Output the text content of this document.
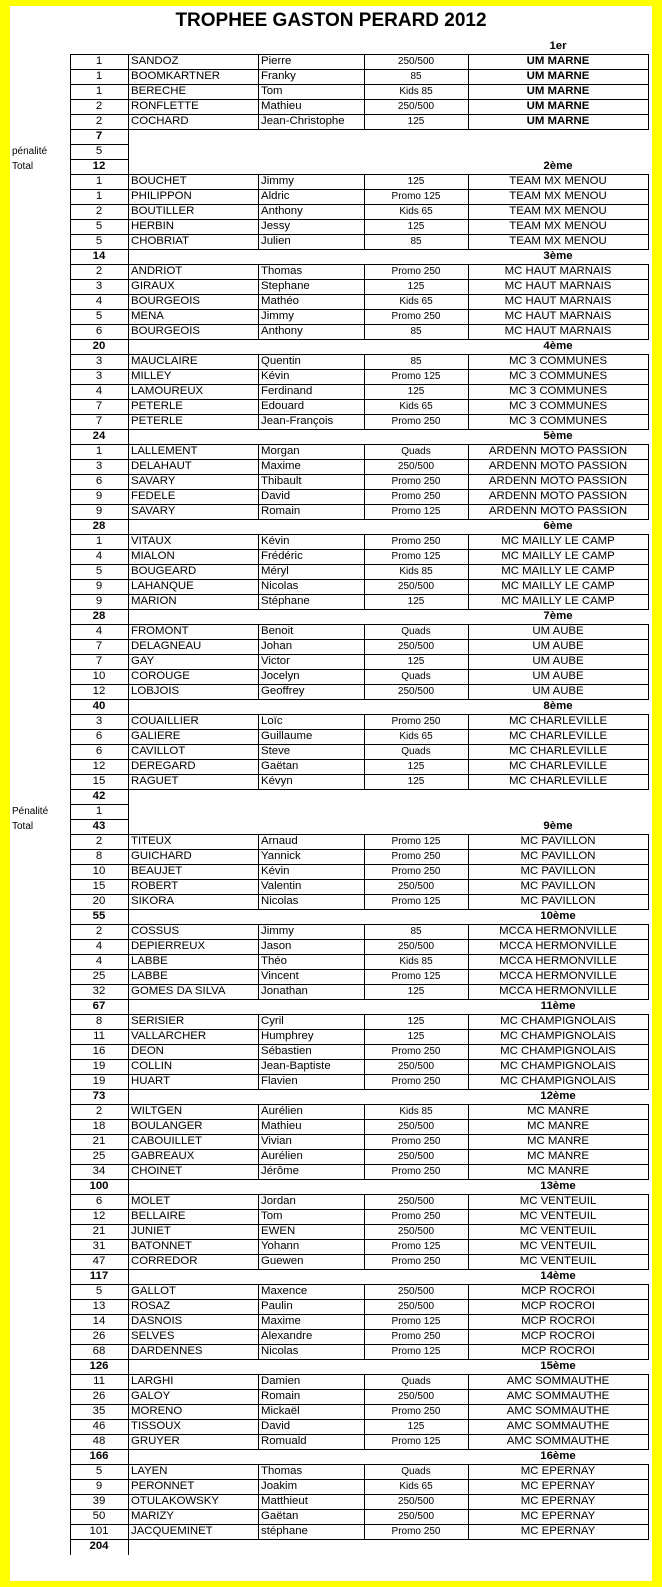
TROPHEE GASTON PERARD 2012
1er
1	SANDOZ	Pierre	250/500	UM MARNE
1	BOOMKARTNER	Franky	85	UM MARNE
1	BERECHE	Tom	Kids 85	UM MARNE
2	RONFLETTE	Mathieu	250/500	UM MARNE
2	COCHARD	Jean-Christophe	125	UM MARNE
7
pénalité	5
Total	12	2ème
1	BOUCHET	Jimmy	125	TEAM MX MENOU
1	PHILIPPON	Aldric	Promo 125	TEAM MX MENOU
2	BOUTILLER	Anthony	Kids 65	TEAM MX MENOU
5	HERBIN	Jessy	125	TEAM MX MENOU
5	CHOBRIAT	Julien	85	TEAM MX MENOU
14	3ème
2	ANDRIOT	Thomas	Promo 250	MC HAUT MARNAIS
3	GIRAUX	Stephane	125	MC HAUT MARNAIS
4	BOURGEOIS	Mathéo	Kids 65	MC HAUT MARNAIS
5	MENA	Jimmy	Promo 250	MC HAUT MARNAIS
6	BOURGEOIS	Anthony	85	MC HAUT MARNAIS
20	4ème
3	MAUCLAIRE	Quentin	85	MC 3 COMMUNES
3	MILLEY	Kévin	Promo 125	MC 3 COMMUNES
4	LAMOUREUX	Ferdinand	125	MC 3 COMMUNES
7	PETERLE	Edouard	Kids 65	MC 3 COMMUNES
7	PETERLE	Jean-François	Promo 250	MC 3 COMMUNES
24	5ème
1	LALLEMENT	Morgan	Quads	ARDENN MOTO PASSION
3	DELAHAUT	Maxime	250/500	ARDENN MOTO PASSION
6	SAVARY	Thibault	Promo 250	ARDENN MOTO PASSION
9	FEDELE	David	Promo 250	ARDENN MOTO PASSION
9	SAVARY	Romain	Promo 125	ARDENN MOTO PASSION
28	6ème
1	VITAUX	Kévin	Promo 250	MC MAILLY LE CAMP
4	MIALON	Frédéric	Promo 125	MC MAILLY LE CAMP
5	BOUGEARD	Méryl	Kids 85	MC MAILLY LE CAMP
9	LAHANQUE	Nicolas	250/500	MC MAILLY LE CAMP
9	MARION	Stéphane	125	MC MAILLY LE CAMP
28	7ème
4	FROMONT	Benoit	Quads	UM AUBE
7	DELAGNEAU	Johan	250/500	UM AUBE
7	GAY	Victor	125	UM AUBE
10	COROUGE	Jocelyn	Quads	UM AUBE
12	LOBJOIS	Geoffrey	250/500	UM AUBE
40	8ème
3	COUAILLIER	Loïc	Promo 250	MC CHARLEVILLE
6	GALIERE	Guillaume	Kids 65	MC CHARLEVILLE
6	CAVILLOT	Steve	Quads	MC CHARLEVILLE
12	DEREGARD	Gaëtan	125	MC CHARLEVILLE
15	RAGUET	Kévyn	125	MC CHARLEVILLE
42
Pénalité	1
Total	43	9ème
2	TITEUX	Arnaud	Promo 125	MC PAVILLON
8	GUICHARD	Yannick	Promo 250	MC PAVILLON
10	BEAUJET	Kévin	Promo 250	MC PAVILLON
15	ROBERT	Valentin	250/500	MC PAVILLON
20	SIKORA	Nicolas	Promo 125	MC PAVILLON
55	10ème
2	COSSUS	Jimmy	85	MCCA HERMONVILLE
4	DEPIERREUX	Jason	250/500	MCCA HERMONVILLE
4	LABBE	Théo	Kids 85	MCCA HERMONVILLE
25	LABBE	Vincent	Promo 125	MCCA HERMONVILLE
32	GOMES DA SILVA	Jonathan	125	MCCA HERMONVILLE
67	11ème
8	SERISIER	Cyril	125	MC CHAMPIGNOLAIS
11	VALLARCHER	Humphrey	125	MC CHAMPIGNOLAIS
16	DEON	Sébastien	Promo 250	MC CHAMPIGNOLAIS
19	COLLIN	Jean-Baptiste	250/500	MC CHAMPIGNOLAIS
19	HUART	Flavien	Promo 250	MC CHAMPIGNOLAIS
73	12ème
2	WILTGEN	Aurélien	Kids 85	MC MANRE
18	BOULANGER	Mathieu	250/500	MC MANRE
21	CABOUILLET	Vivian	Promo 250	MC MANRE
25	GABREAUX	Aurélien	250/500	MC MANRE
34	CHOINET	Jérôme	Promo 250	MC MANRE
100	13ème
6	MOLET	Jordan	250/500	MC VENTEUIL
12	BELLAIRE	Tom	Promo 250	MC VENTEUIL
21	JUNIET	EWEN	250/500	MC VENTEUIL
31	BATONNET	Yohann	Promo 125	MC VENTEUIL
47	CORREDOR	Guewen	Promo 250	MC VENTEUIL
117	14ème
5	GALLOT	Maxence	250/500	MCP ROCROI
13	ROSAZ	Paulin	250/500	MCP ROCROI
14	DASNOIS	Maxime	Promo 125	MCP ROCROI
26	SELVES	Alexandre	Promo 250	MCP ROCROI
68	DARDENNES	Nicolas	Promo 125	MCP ROCROI
126	15ème
11	LARGHI	Damien	Quads	AMC SOMMAUTHE
26	GALOY	Romain	250/500	AMC SOMMAUTHE
35	MORENO	Mickaël	Promo 250	AMC SOMMAUTHE
46	TISSOUX	David	125	AMC SOMMAUTHE
48	GRUYER	Romuald	Promo 125	AMC SOMMAUTHE
166	16ème
5	LAYEN	Thomas	Quads	MC EPERNAY
9	PERONNET	Joakim	Kids 65	MC EPERNAY
39	OTULAKOWSKY	Matthieut	250/500	MC EPERNAY
50	MARIZY	Gaëtan	250/500	MC EPERNAY
101	JACQUEMINET	stéphane	Promo 250	MC EPERNAY
204
